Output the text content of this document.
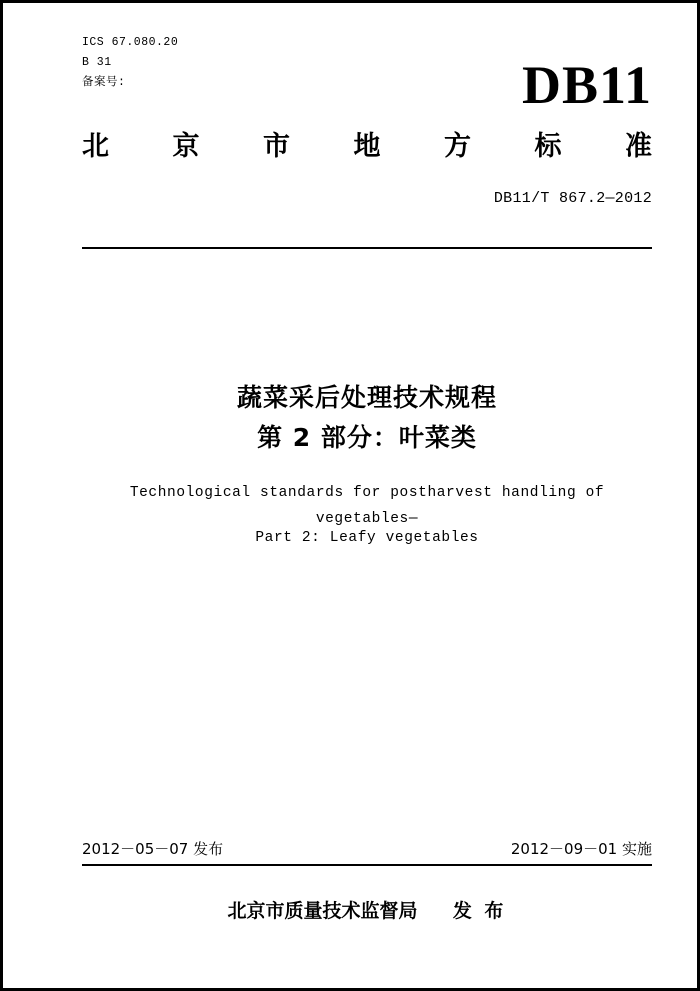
ICS 67.080.20
B 31
备案号:	DB11
北 京 市 地 方 标 准
DB11/T 867.2—2012
蔬菜采后处理技术规程
第 2 部分：叶菜类
Technological standards for postharvest handling of vegetables—
Part 2: Leafy vegetables
2012－05－07 发布	2012－09－01 实施
北京市质量技术监督局 发 布
